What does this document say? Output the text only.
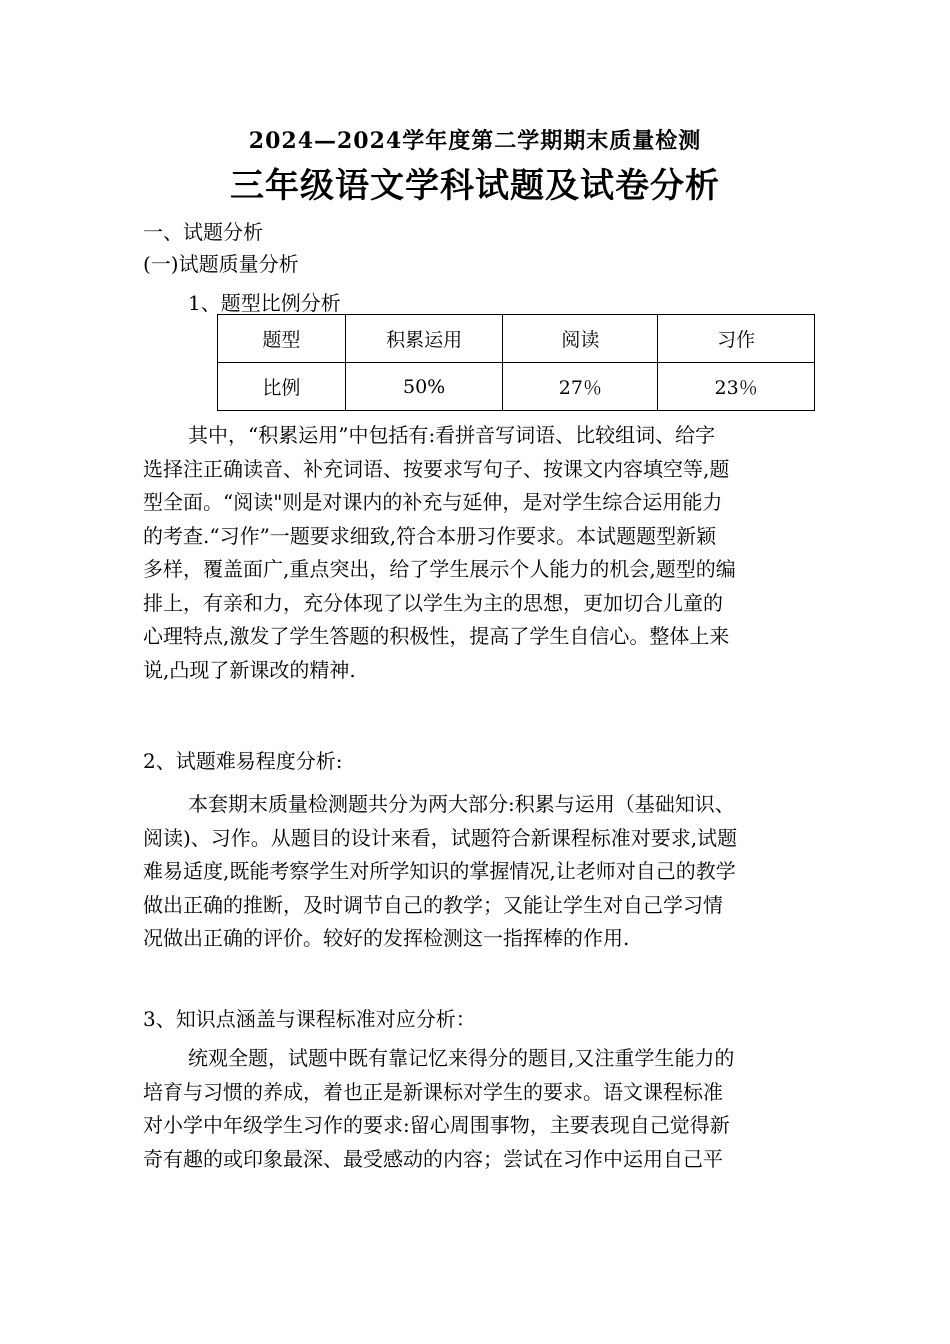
2024—2024学年度第二学期期末质量检测
三年级语文学科试题及试卷分析
一、试题分析
(一)试题质量分析
1、题型比例分析
题型	积累运用	阅读	习作
比例	50%	27％	23％
其中，“积累运用”中包括有:看拼音写词语、比较组词、给字
选择注正确读音、补充词语、按要求写句子、按课文内容填空等,题
型全面。“阅读"则是对课内的补充与延伸，是对学生综合运用能力
的考查.“习作”一题要求细致,符合本册习作要求。本试题题型新颖
多样，覆盖面广,重点突出，给了学生展示个人能力的机会,题型的编
排上，有亲和力，充分体现了以学生为主的思想，更加切合儿童的
心理特点,激发了学生答题的积极性，提高了学生自信心。整体上来
说,凸现了新课改的精神.
2、试题难易程度分析:
本套期末质量检测题共分为两大部分:积累与运用（基础知识、
阅读)、习作。从题目的设计来看，试题符合新课程标准对要求,试题
难易适度,既能考察学生对所学知识的掌握情况,让老师对自己的教学
做出正确的推断，及时调节自己的教学；又能让学生对自己学习情
况做出正确的评价。较好的发挥检测这一指挥棒的作用.
3、知识点涵盖与课程标准对应分析：
统观全题，试题中既有靠记忆来得分的题目,又注重学生能力的
培育与习惯的养成，着也正是新课标对学生的要求。语文课程标准
对小学中年级学生习作的要求:留心周围事物，主要表现自己觉得新
奇有趣的或印象最深、最受感动的内容；尝试在习作中运用自己平
